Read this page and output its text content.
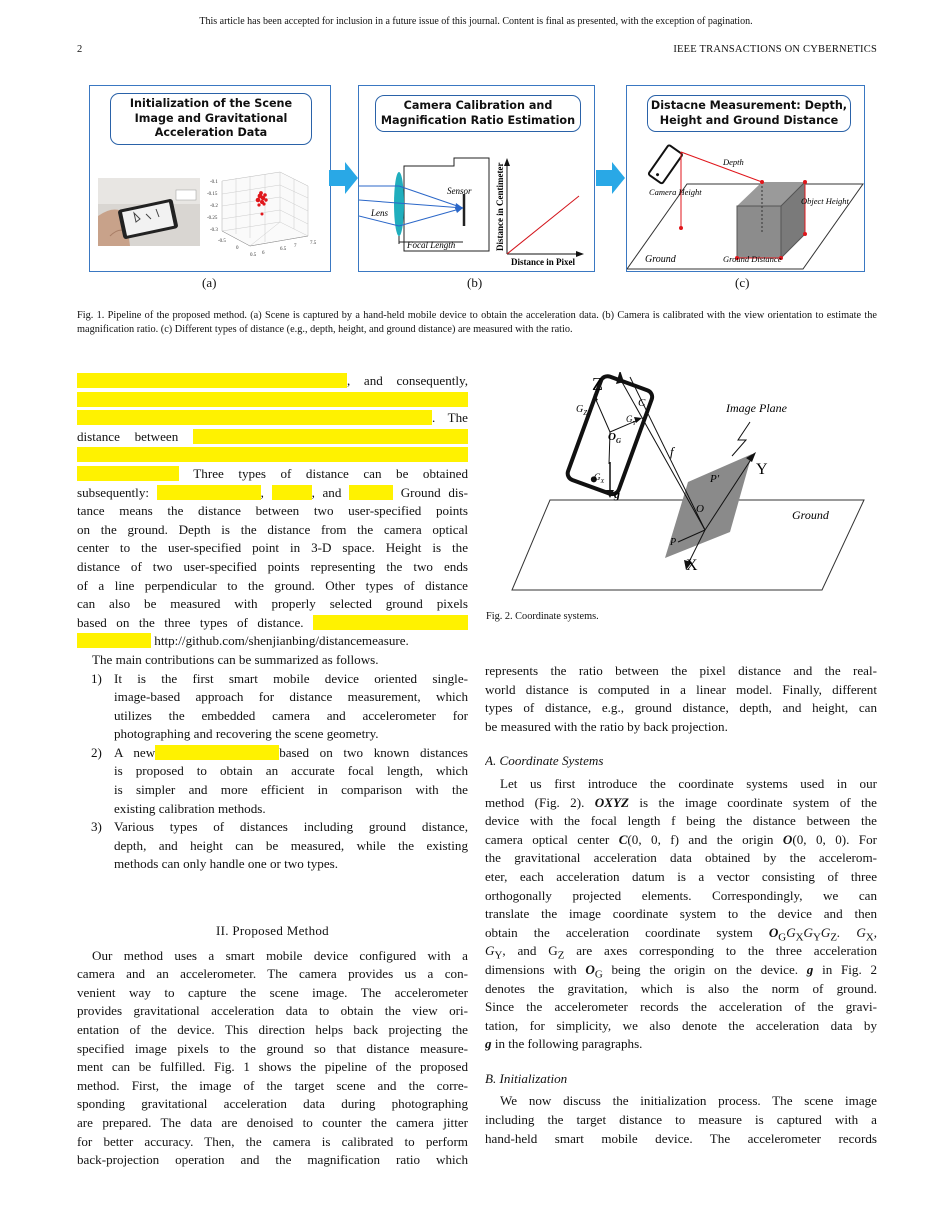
This article has been accepted for inclusion in a future issue of this journal. Content is final as presented, with the exception of pagination.
2	IEEE TRANSACTIONS ON CYBERNETICS
Initialization of the Scene
Image and Gravitational
Acceleration Data
-0.1
-0.15
-0.2
-0.25
-0.3
-0.5
0
0.5 6
6.5
7
7.5
(a)
Camera Calibration and
Magnification Ratio Estimation
Sensor
Lens
Focal Length	Distance in Centimeter
Distance in Pixel
(b)
Distacne Measurement: Depth,
Height and Ground Distance
Depth
Camera Height
Object Height
Ground	Ground Distance
(c)
Fig. 1. Pipeline of the proposed method. (a) Scene is captured by a hand-held mobile device to obtain the acceleration data. (b) Camera is calibrated with the view orientation to estimate the magnification ratio. (c) Different types of distance (e.g., depth, height, and ground distance) are measured with the ratio.
, and consequently,
. The
distance between
Three types of distance can be obtained
subsequently:	,	, and	Ground dis-
tance means the distance between two user-specified points
on the ground. Depth is the distance from the camera optical
center to the user-specified point in 3-D space. Height is the
distance of two user-specified points representing the two ends
of a line perpendicular to the ground. Other types of distance
can also be measured with properly selected ground pixels
based on the three types of distance.
http://github.com/shenjianbing/distancemeasure.
The main contributions can be summarized as follows.
1) It is the first smart mobile device oriented single-
image-based approach for distance measurement, which
utilizes the embedded camera and accelerometer for
photographing and recovering the scene geometry.
2) A new	based on two known distances
is proposed to obtain an accurate focal length, which
is simpler and more efficient in comparison with the
existing calibration methods.
3) Various types of distances including ground distance,
depth, and height can be measured, while the existing
methods can only handle one or two types.
II. Proposed Method
Our method uses a smart mobile device configured with a
camera and an accelerometer. The camera provides us a con-
venient way to capture the scene image. The accelerometer
provides gravitational acceleration data to obtain the view ori-
entation of the device. This direction helps back projecting the
specified image pixels to the ground so that distance measure-
ment can be fulfilled. Fig. 1 shows the pipeline of the proposed
method. First, the image of the target scene and the corre-
sponding gravitational acceleration data during photographing
are prepared. The data are denoised to counter the camera jitter
for better accuracy. Then, the camera is calibrated to perform
back-projection operation and the magnification ratio which
Z
$G_Z$
C
$G_Y$
$O_G$
$G_X$
g
f
Image Plane
Y
P'
O	Ground
P
X
Fig. 2. Coordinate systems.
represents the ratio between the pixel distance and the real-
world distance is computed in a linear model. Finally, different
types of distance, e.g., ground distance, depth, and height, can
be measured with the ratio by back projection.
A. Coordinate Systems
Let us first introduce the coordinate systems used in our
method (Fig. 2). OXYZ is the image coordinate system of the
device with the focal length f being the distance between the
camera optical center C(0, 0, f) and the origin O(0, 0, 0). For
the gravitational acceleration data obtained by the accelerom-
eter, each acceleration datum is a vector consisting of three
orthogonally projected elements. Correspondingly, we can
translate the image coordinate system to the device and then
obtain the acceleration coordinate system $O_GG_XG_YG_Z$. $G_X$,
$G_Y$, and $G_Z$ are axes corresponding to the three acceleration
dimensions with $O_G$ being the origin on the device. g in Fig. 2
denotes the gravitation, which is also the norm of ground.
Since the accelerometer records the acceleration of the gravi-
tation, for simplicity, we also denote the acceleration data by
g in the following paragraphs.
B. Initialization
We now discuss the initialization process. The scene image
including the target distance to measure is captured with a
hand-held smart mobile device. The accelerometer records
